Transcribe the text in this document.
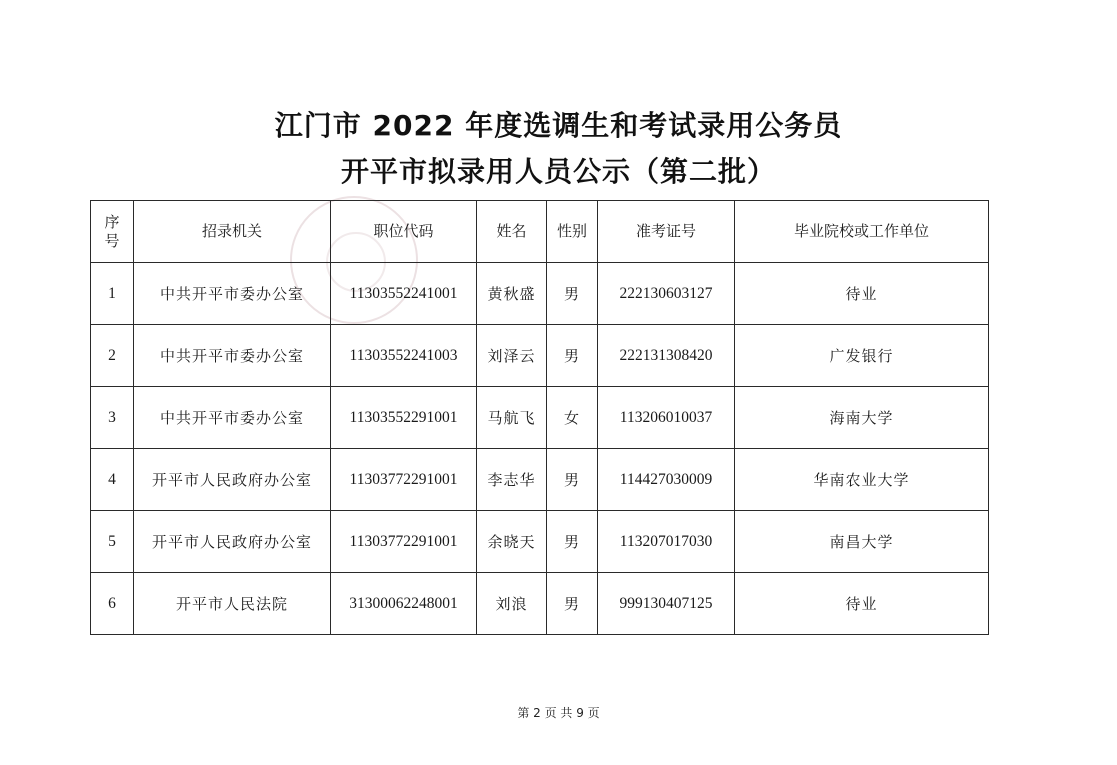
江门市 2022 年度选调生和考试录用公务员
开平市拟录用人员公示（第二批）
序
号	招录机关	职位代码	姓名	性别	准考证号	毕业院校或工作单位
1	中共开平市委办公室	11303552241001	黄秋盛	男	222130603127	待业
2	中共开平市委办公室	11303552241003	刘泽云	男	222131308420	广发银行
3	中共开平市委办公室	11303552291001	马航飞	女	113206010037	海南大学
4	开平市人民政府办公室	11303772291001	李志华	男	114427030009	华南农业大学
5	开平市人民政府办公室	11303772291001	余晓天	男	113207017030	南昌大学
6	开平市人民法院	31300062248001	刘浪	男	999130407125	待业
第 2 页 共 9 页
